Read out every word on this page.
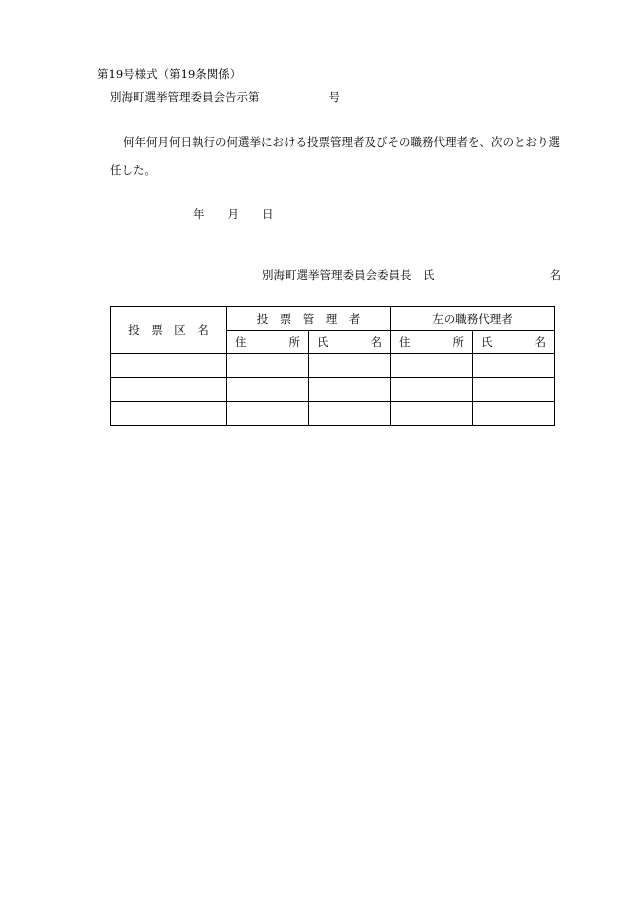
第19号様式（第19条関係）
別海町選挙管理委員会告示第　　　　　　号
何年何月何日執行の何選挙における投票管理者及びその職務代理者を、次のとおり選
任した。
年　　月　　日
別海町選挙管理委員会委員長　氏　　　　　　　　　　名
投　票　区　名	投　票　管　理　者		左の職務代理者	

	住 所	氏 名	住 所	氏 名
